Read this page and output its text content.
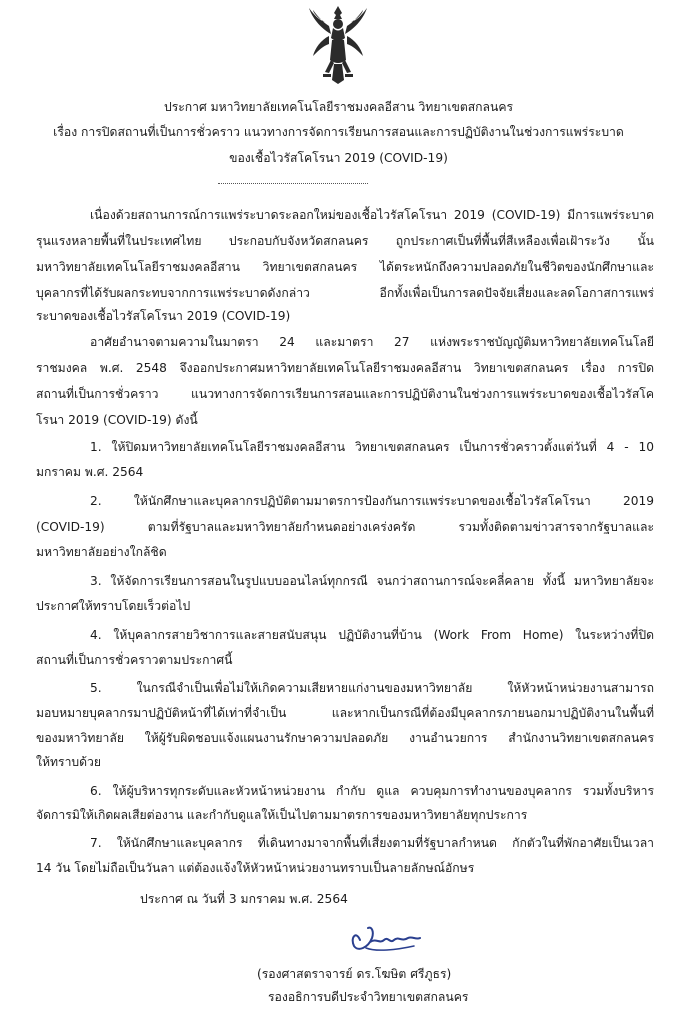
ประกาศ มหาวิทยาลัยเทคโนโลยีราชมงคลอีสาน วิทยาเขตสกลนคร
เรื่อง การปิดสถานที่เป็นการชั่วคราว แนวทางการจัดการเรียนการสอนและการปฏิบัติงานในช่วงการแพร่ระบาด
ของเชื้อไวรัสโคโรนา 2019 (COVID-19)
เนื่องด้วยสถานการณ์การแพร่ระบาดระลอกใหม่ของเชื้อไวรัสโคโรนา 2019 (COVID-19) มีการแพร่ระบาด
รุนแรงหลายพื้นที่ในประเทศไทย ประกอบกับจังหวัดสกลนคร ถูกประกาศเป็นที่พื้นที่สีเหลืองเพื่อเฝ้าระวัง นั้น
มหาวิทยาลัยเทคโนโลยีราชมงคลอีสาน วิทยาเขตสกลนคร ได้ตระหนักถึงความปลอดภัยในชีวิตของนักศึกษาและ
บุคลากรที่ได้รับผลกระทบจากการแพร่ระบาดดังกล่าว อีกทั้งเพื่อเป็นการลดปัจจัยเสี่ยงและลดโอกาสการแพร่
ระบาดของเชื้อไวรัสโคโรนา 2019 (COVID-19)
อาศัยอำนาจตามความในมาตรา 24 และมาตรา 27 แห่งพระราชบัญญัติมหาวิทยาลัยเทคโนโลยี
ราชมงคล พ.ศ. 2548 จึงออกประกาศมหาวิทยาลัยเทคโนโลยีราชมงคลอีสาน วิทยาเขตสกลนคร เรื่อง การปิด
สถานที่เป็นการชั่วคราว แนวทางการจัดการเรียนการสอนและการปฏิบัติงานในช่วงการแพร่ระบาดของเชื้อไวรัสโค
โรนา 2019 (COVID-19) ดังนี้
1. ให้ปิดมหาวิทยาลัยเทคโนโลยีราชมงคลอีสาน วิทยาเขตสกลนคร เป็นการชั่วคราวตั้งแต่วันที่ 4 - 10
มกราคม พ.ศ. 2564
2. ให้นักศึกษาและบุคลากรปฏิบัติตามมาตรการป้องกันการแพร่ระบาดของเชื้อไวรัสโคโรนา 2019
(COVID-19) ตามที่รัฐบาลและมหาวิทยาลัยกำหนดอย่างเคร่งครัด รวมทั้งติดตามข่าวสารจากรัฐบาลและ
มหาวิทยาลัยอย่างใกล้ชิด
3. ให้จัดการเรียนการสอนในรูปแบบออนไลน์ทุกกรณี จนกว่าสถานการณ์จะคลี่คลาย ทั้งนี้ มหาวิทยาลัยจะ
ประกาศให้ทราบโดยเร็วต่อไป
4. ให้บุคลากรสายวิชาการและสายสนับสนุน ปฏิบัติงานที่บ้าน (Work From Home) ในระหว่างที่ปิด
สถานที่เป็นการชั่วคราวตามประกาศนี้
5. ในกรณีจำเป็นเพื่อไม่ให้เกิดความเสียหายแก่งานของมหาวิทยาลัย ให้หัวหน้าหน่วยงานสามารถ
มอบหมายบุคลากรมาปฏิบัติหน้าที่ได้เท่าที่จำเป็น และหากเป็นกรณีที่ต้องมีบุคลากรภายนอกมาปฏิบัติงานในพื้นที่
ของมหาวิทยาลัย ให้ผู้รับผิดชอบแจ้งแผนงานรักษาความปลอดภัย งานอำนวยการ สำนักงานวิทยาเขตสกลนคร
ให้ทราบด้วย
6. ให้ผู้บริหารทุกระดับและหัวหน้าหน่วยงาน กำกับ ดูแล ควบคุมการทำงานของบุคลากร รวมทั้งบริหาร
จัดการมิให้เกิดผลเสียต่องาน และกำกับดูแลให้เป็นไปตามมาตรการของมหาวิทยาลัยทุกประการ
7. ให้นักศึกษาและบุคลากร ที่เดินทางมาจากพื้นที่เสี่ยงตามที่รัฐบาลกำหนด กักตัวในที่พักอาศัยเป็นเวลา
14 วัน โดยไม่ถือเป็นวันลา แต่ต้องแจ้งให้หัวหน้าหน่วยงานทราบเป็นลายลักษณ์อักษร
ประกาศ ณ วันที่ 3 มกราคม พ.ศ. 2564
(รองศาสตราจารย์ ดร.โฆษิต ศรีภูธร)
รองอธิการบดีประจำวิทยาเขตสกลนคร
